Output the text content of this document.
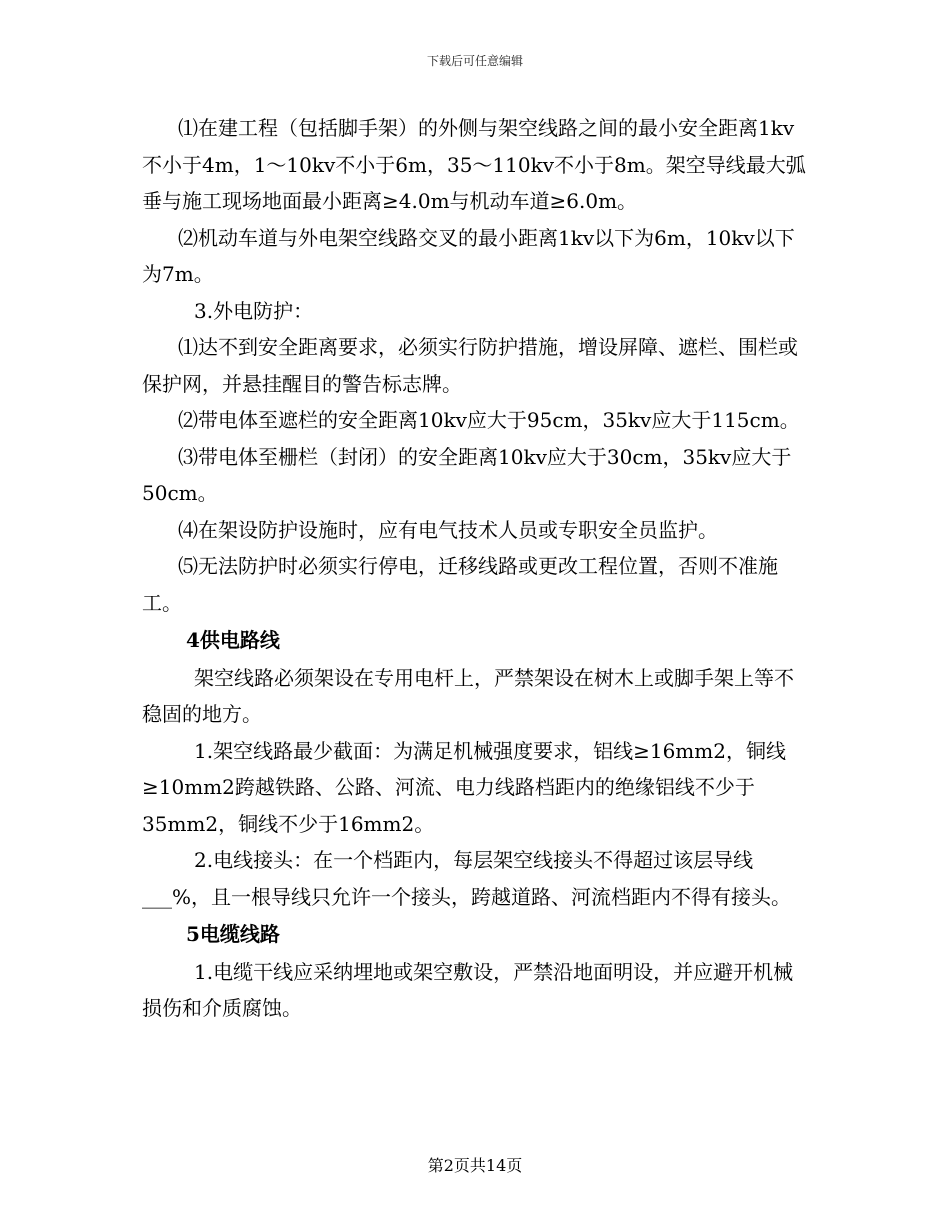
下载后可任意编辑

⑴在建工程（包括脚手架）的外侧与架空线路之间的最小安全距离1kv不小于4m，1～10kv不小于6m，35～110kv不小于8m。架空导线最大弧垂与施工现场地面最小距离≥4.0m与机动车道≥6.0m。

⑵机动车道与外电架空线路交叉的最小距离1kv以下为6m，10kv以下为7m。

3.外电防护：

⑴达不到安全距离要求，必须实行防护措施，增设屏障、遮栏、围栏或保护网，并悬挂醒目的警告标志牌。

⑵带电体至遮栏的安全距离10kv应大于95cm，35kv应大于115cm。

⑶带电体至栅栏（封闭）的安全距离10kv应大于30cm，35kv应大于50cm。

⑷在架设防护设施时，应有电气技术人员或专职安全员监护。

⑸无法防护时必须实行停电，迁移线路或更改工程位置，否则不准施工。

4供电路线

架空线路必须架设在专用电杆上，严禁架设在树木上或脚手架上等不稳固的地方。

1.架空线路最少截面：为满足机械强度要求，铝线≥16mm2，铜线≥10mm2跨越铁路、公路、河流、电力线路档距内的绝缘铝线不少于35mm2，铜线不少于16mm2。

2.电线接头：在一个档距内，每层架空线接头不得超过该层导线___%，且一根导线只允许一个接头，跨越道路、河流档距内不得有接头。

5电缆线路

1.电缆干线应采纳埋地或架空敷设，严禁沿地面明设，并应避开机械损伤和介质腐蚀。

第2页共14页
